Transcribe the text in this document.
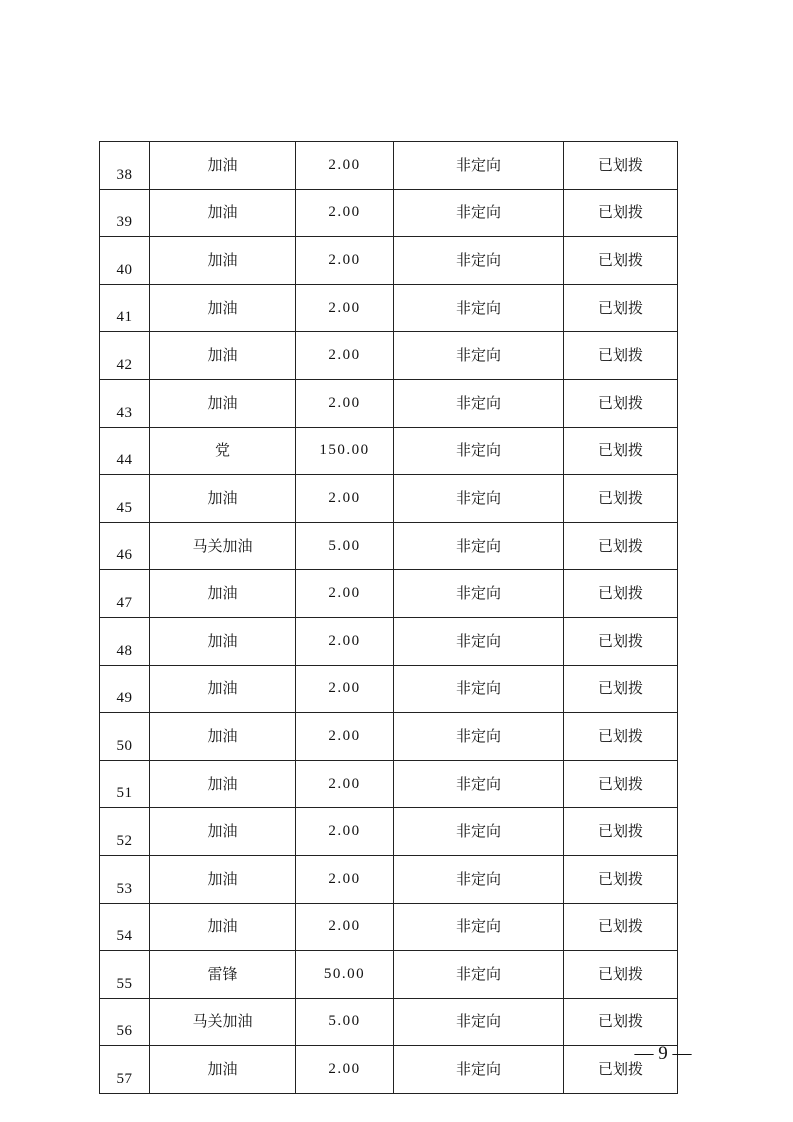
38	加油	2.00	非定向	已划拨
39	加油	2.00	非定向	已划拨
40	加油	2.00	非定向	已划拨
41	加油	2.00	非定向	已划拨
42	加油	2.00	非定向	已划拨
43	加油	2.00	非定向	已划拨
44	党	150.00	非定向	已划拨
45	加油	2.00	非定向	已划拨
46	马关加油	5.00	非定向	已划拨
47	加油	2.00	非定向	已划拨
48	加油	2.00	非定向	已划拨
49	加油	2.00	非定向	已划拨
50	加油	2.00	非定向	已划拨
51	加油	2.00	非定向	已划拨
52	加油	2.00	非定向	已划拨
53	加油	2.00	非定向	已划拨
54	加油	2.00	非定向	已划拨
55	雷锋	50.00	非定向	已划拨
56	马关加油	5.00	非定向	已划拨
57	加油	2.00	非定向	已划拨
— 9 —
